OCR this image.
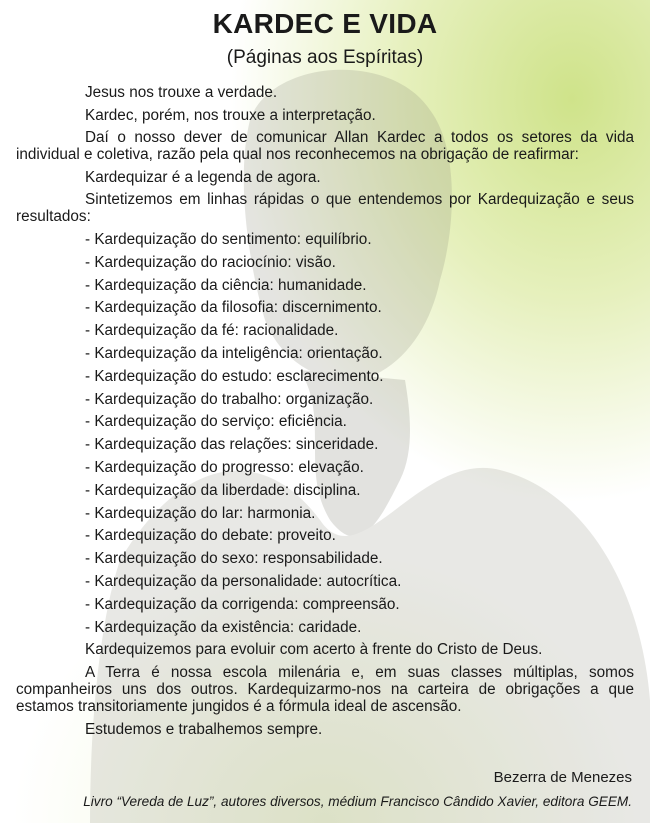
KARDEC E VIDA
(Páginas aos Espíritas)

Jesus nos trouxe a verdade.

Kardec, porém, nos trouxe a interpretação.

Daí o nosso dever de comunicar Allan Kardec a todos os setores da vida individual e coletiva, razão pela qual nos reconhecemos na obrigação de reafirmar:

Kardequizar é a legenda de agora.

Sintetizemos em linhas rápidas o que entendemos por Kardequização e seus resultados:

- Kardequização do sentimento: equilíbrio.

- Kardequização do raciocínio: visão.

- Kardequização da ciência: humanidade.

- Kardequização da filosofia: discernimento.

- Kardequização da fé: racionalidade.

- Kardequização da inteligência: orientação.

- Kardequização do estudo: esclarecimento.

- Kardequização do trabalho: organização.

- Kardequização do serviço: eficiência.

- Kardequização das relações: sinceridade.

- Kardequização do progresso: elevação.

- Kardequização da liberdade: disciplina.

- Kardequização do lar: harmonia.

- Kardequização do debate: proveito.

- Kardequização do sexo: responsabilidade.

- Kardequização da personalidade: autocrítica.

- Kardequização da corrigenda: compreensão.

- Kardequização da existência: caridade.

Kardequizemos para evoluir com acerto à frente do Cristo de Deus.

A Terra é nossa escola milenária e, em suas classes múltiplas, somos companheiros uns dos outros. Kardequizarmo-nos na carteira de obrigações a que estamos transitoriamente jungidos é a fórmula ideal de ascensão.

Estudemos e trabalhemos sempre.

Bezerra de Menezes
Livro “Vereda de Luz”, autores diversos, médium Francisco Cândido Xavier, editora GEEM.
